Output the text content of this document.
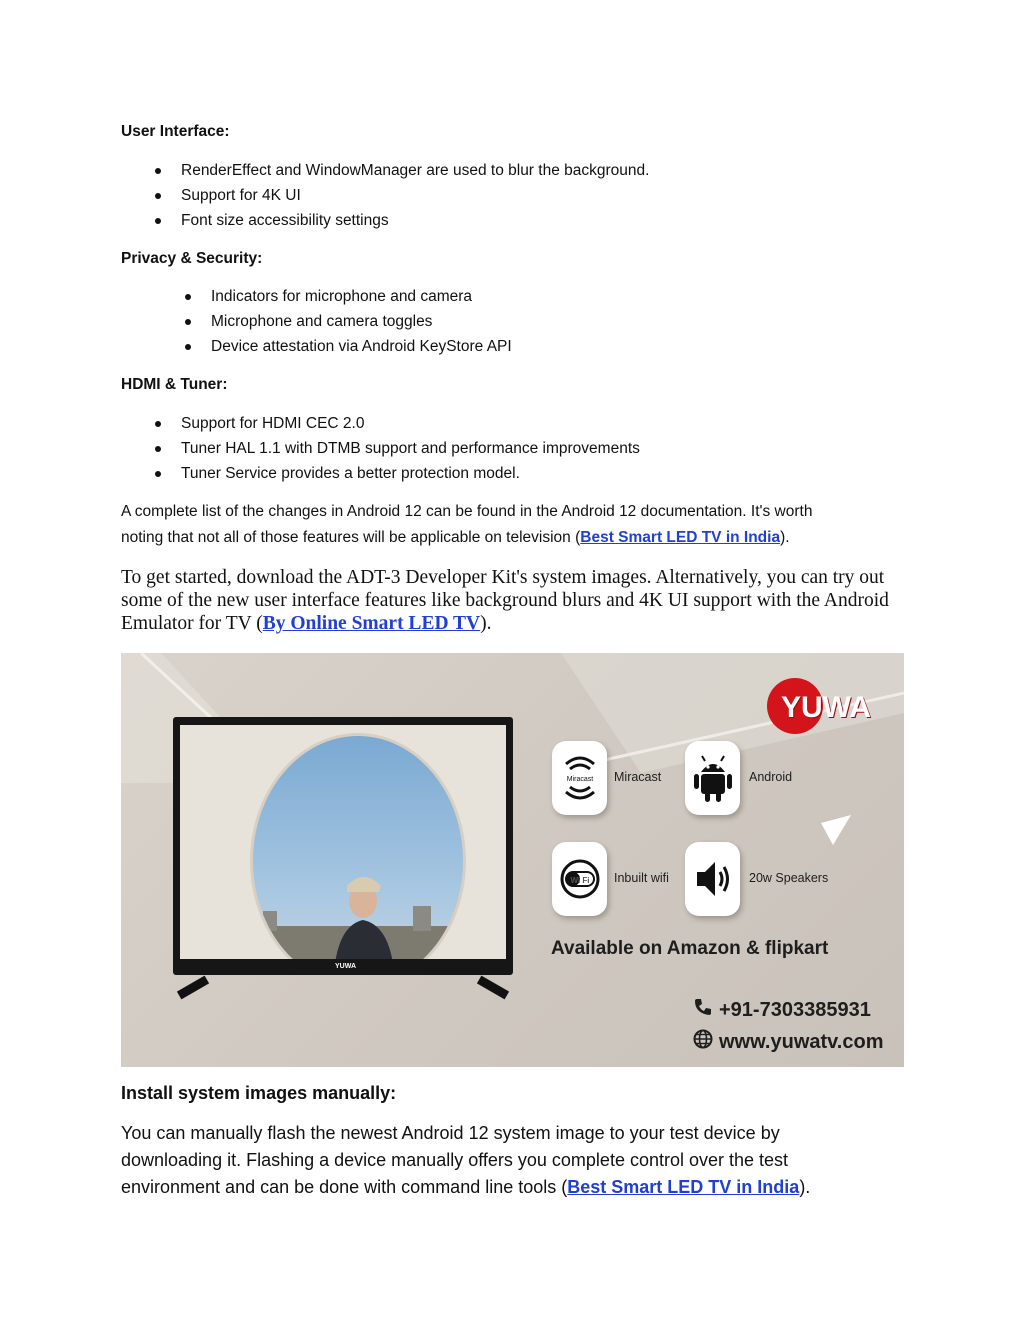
User Interface:
RenderEffect and WindowManager are used to blur the background.
Support for 4K UI
Font size accessibility settings
Privacy & Security:
Indicators for microphone and camera
Microphone and camera toggles
Device attestation via Android KeyStore API
HDMI & Tuner:
Support for HDMI CEC 2.0
Tuner HAL 1.1 with DTMB support and performance improvements
Tuner Service provides a better protection model.
A complete list of the changes in Android 12 can be found in the Android 12 documentation. It's worth
noting that not all of those features will be applicable on television (Best Smart LED TV in India).
To get started, download the ADT-3 Developer Kit's system images. Alternatively, you can try out some of the new user interface features like background blurs and 4K UI support with the Android Emulator for TV (By Online Smart LED TV).
YUWA
YUWA
Miracast Miracast	Android
Wi Fi Inbuilt wifi	20w Speakers
Available on Amazon & flipkart
+91-7303385931
www.yuwatv.com
Install system images manually:
You can manually flash the newest Android 12 system image to your test device by downloading it. Flashing a device manually offers you complete control over the test environment and can be done with command line tools (Best Smart LED TV in India).
